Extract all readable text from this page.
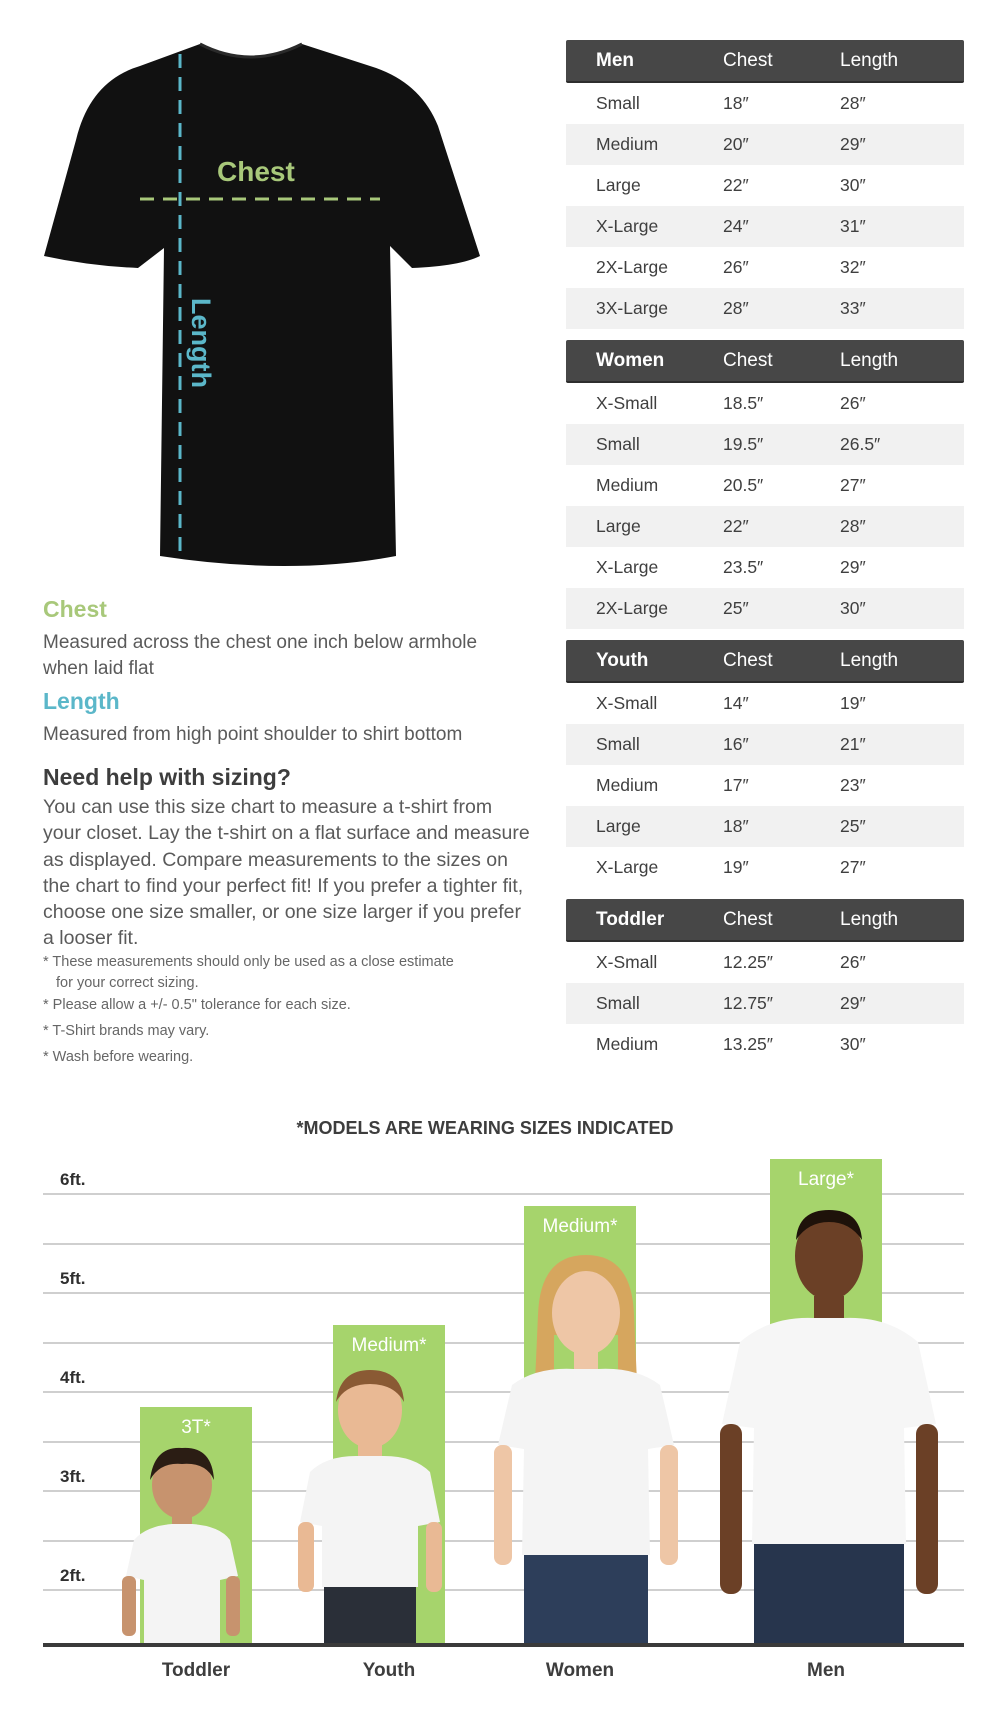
Chest
Length
Chest
Measured across the chest one inch below armhole when laid flat
Length
Measured from high point shoulder to shirt bottom
Need help with sizing?
You can use this size chart to measure a t-shirt from your closet. Lay the t-shirt on a flat surface and measure as displayed. Compare measurements to the sizes on the chart to find your perfect fit! If you prefer a tighter fit, choose one size smaller, or one size larger if you prefer a looser fit.
* These measurements should only be used as a close estimate
for your correct sizing.
* Please allow a +/- 0.5" tolerance for each size.
* T-Shirt brands may vary.
* Wash before wearing.
Men	Chest	Length
Small	18″	28″
Medium	20″	29″
Large	22″	30″
X-Large	24″	31″
2X-Large	26″	32″
3X-Large	28″	33″
Women	Chest	Length
X-Small	18.5″	26″
Small	19.5″	26.5″
Medium	20.5″	27″
Large	22″	28″
X-Large	23.5″	29″
2X-Large	25″	30″
Youth	Chest	Length
X-Small	14″	19″
Small	16″	21″
Medium	17″	23″
Large	18″	25″
X-Large	19″	27″
Toddler	Chest	Length
X-Small	12.25″	26″
Small	12.75″	29″
Medium	13.25″	30″
*MODELS ARE WEARING SIZES INDICATED
6ft.
5ft.
4ft.
3ft.
2ft.
3T*
Medium*
Medium*
Large*
Toddler	Youth	Women	Men
